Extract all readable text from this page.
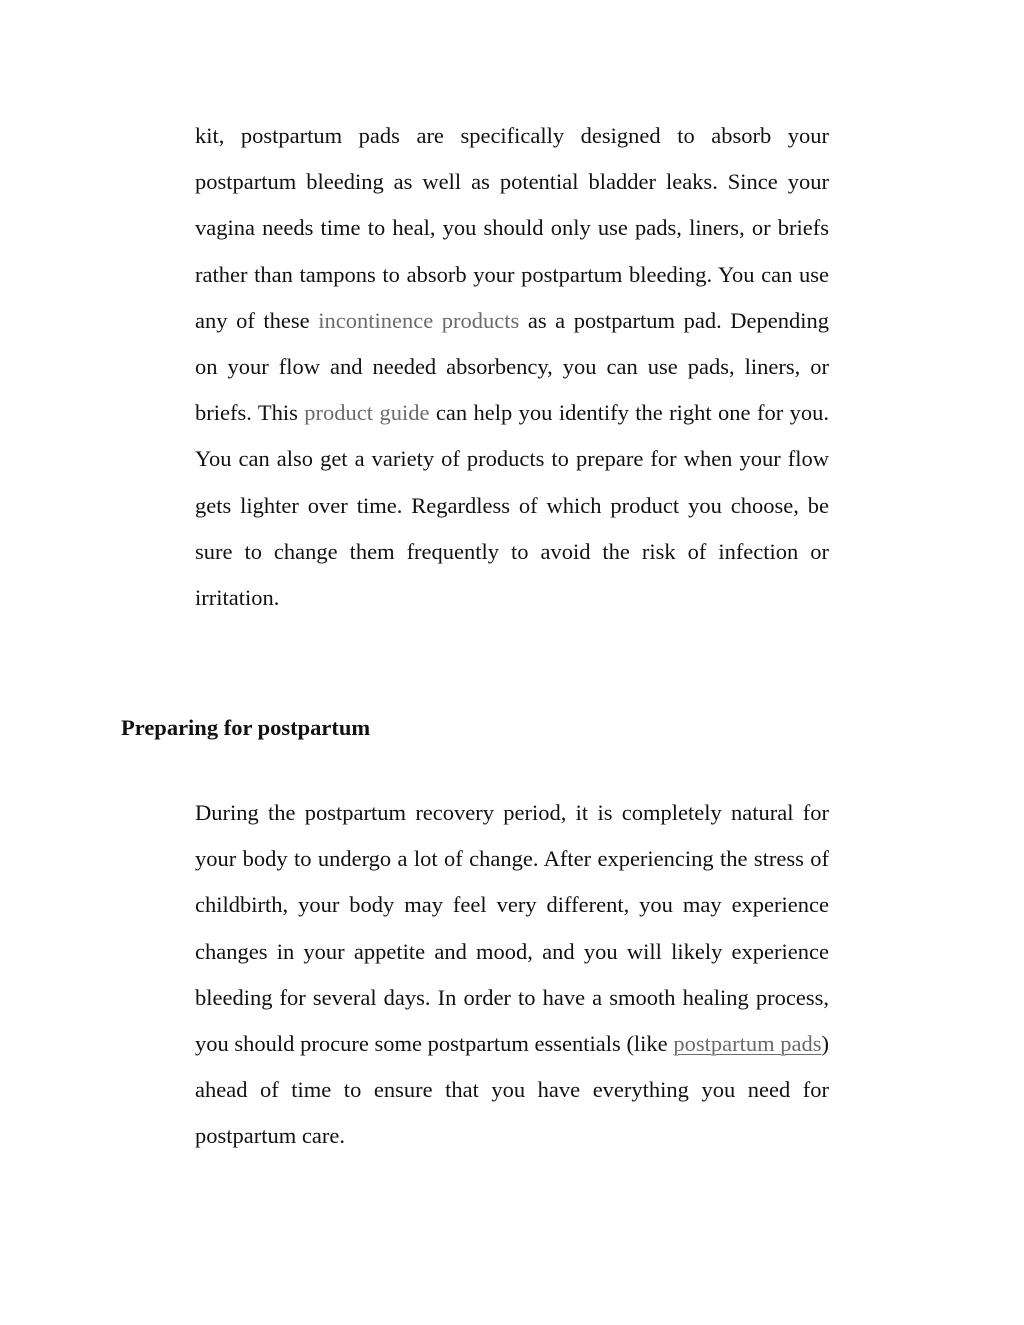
kit, postpartum pads are specifically designed to absorb your postpartum bleeding as well as potential bladder leaks. Since your vagina needs time to heal, you should only use pads, liners, or briefs rather than tampons to absorb your postpartum bleeding. You can use any of these incontinence products as a postpartum pad. Depending on your flow and needed absorbency, you can use pads, liners, or briefs. This product guide can help you identify the right one for you. You can also get a variety of products to prepare for when your flow gets lighter over time. Regardless of which product you choose, be sure to change them frequently to avoid the risk of infection or irritation.

Preparing for postpartum

During the postpartum recovery period, it is completely natural for your body to undergo a lot of change. After experiencing the stress of childbirth, your body may feel very different, you may experience changes in your appetite and mood, and you will likely experience bleeding for several days. In order to have a smooth healing process, you should procure some postpartum essentials (like postpartum pads) ahead of time to ensure that you have everything you need for postpartum care.
